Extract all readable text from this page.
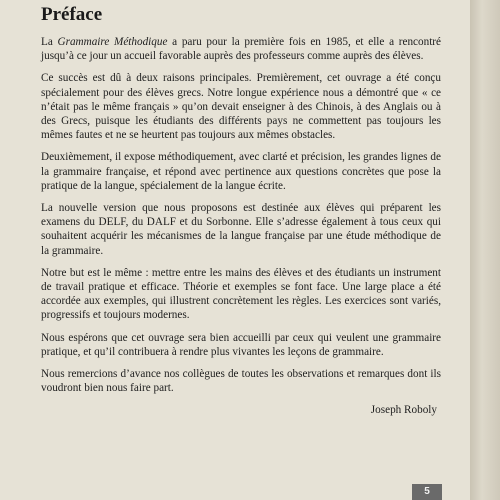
Préface

La Grammaire Méthodique a paru pour la première fois en 1985, et elle a rencontré jusqu’à ce jour un accueil favorable auprès des professeurs comme auprès des élèves.

Ce succès est dû à deux raisons principales. Premièrement, cet ouvrage a été conçu spécialement pour des élèves grecs. Notre longue expérience nous a démontré que « ce n’était pas le même français » qu’on devait enseigner à des Chinois, à des Anglais ou à des Grecs, puisque les étudiants des différents pays ne commettent pas toujours les mêmes fautes et ne se heurtent pas toujours aux mêmes obstacles.

Deuxièmement, il expose méthodiquement, avec clarté et précision, les grandes lignes de la grammaire française, et répond avec pertinence aux questions concrètes que pose la pratique de la langue, spécialement de la langue écrite.

La nouvelle version que nous proposons est destinée aux élèves qui préparent les examens du DELF, du DALF et du Sorbonne. Elle s’adresse également à tous ceux qui souhaitent acquérir les mécanismes de la langue française par une étude méthodique de la grammaire.

Notre but est le même : mettre entre les mains des élèves et des étudiants un instrument de travail pratique et efficace. Théorie et exemples se font face. Une large place a été accordée aux exemples, qui illustrent concrètement les règles. Les exercices sont variés, progressifs et toujours modernes.

Nous espérons que cet ouvrage sera bien accueilli par ceux qui veulent une grammaire pratique, et qu’il contribuera à rendre plus vivantes les leçons de grammaire.

Nous remercions d’avance nos collègues de toutes les observations et remarques dont ils voudront bien nous faire part.

Joseph Roboly
5
